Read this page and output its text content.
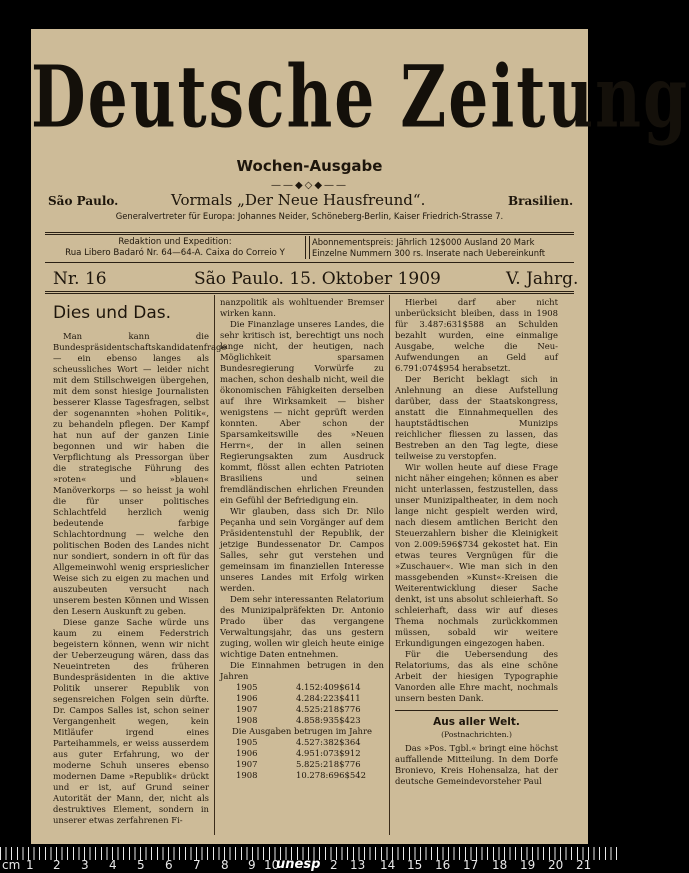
Deutsche Zeitung
Wochen-Ausgabe
——◆◇◆——
São Paulo.	Vormals „Der Neue Hausfreund“.	Brasilien.
Generalvertreter für Europa: Johannes Neider, Schöneberg-Berlin, Kaiser Friedrich-Strasse 7.
Redaktion und Expedition:
Rua Libero Badaró Nr. 64—64-A. Caixa do Correio Y
Abonnementspreis: Jährlich 12$000 Ausland 20 Mark
Einzelne Nummern 300 rs. Inserate nach Uebereinkunft
Nr. 16	São Paulo. 15. Oktober 1909	V. Jahrg.
Dies und Das.

Man kann die Bundespräsidentschaftskandidatenfrage — ein ebenso langes als scheussliches Wort — leider nicht mit dem Stillschweigen übergehen, mit dem sonst hiesige Journalisten besserer Klasse Tagesfragen, selbst der sogenannten »hohen Politik«, zu behandeln pflegen. Der Kampf hat nun auf der ganzen Linie begonnen und wir haben die Verpflichtung als Pressorgan über die strategische Führung des »roten« und »blauen« Manöverkorps — so heisst ja wohl die für unser politisches Schlachtfeld herzlich wenig bedeutende farbige Schlachtordnung — welche den politischen Boden des Landes nicht nur sondiert, sondern in oft für das Allgemeinwohl wenig ersprieslicher Weise sich zu eigen zu machen und auszubeuten versucht nach unserem besten Können und Wissen den Lesern Auskunft zu geben.

Diese ganze Sache würde uns kaum zu einem Federstrich begeistern können, wenn wir nicht der Ueberzeugung wären, dass das Neueintreten des früheren Bundespräsidenten in die aktive Politik unserer Republik von segensreichen Folgen sein dürfte. Dr. Campos Salles ist, schon seiner Vergangenheit wegen, kein Mitläufer irgend eines Parteihammels, er weiss ausserdem aus guter Erfahrung, wo der moderne Schuh unseres ebenso modernen Dame »Republik« drückt und er ist, auf Grund seiner Autorität der Mann, der, nicht als destruktives Element, sondern in unserer etwas zerfahrenen Fi-

nanzpolitik als wohltuender Bremser wirken kann.

Die Finanzlage unseres Landes, die sehr kritisch ist, berechtigt uns noch lange nicht, der heutigen, nach Möglichkeit sparsamen Bundesregierung Vorwürfe zu machen, schon deshalb nicht, weil die ökonomischen Fähigkeiten derselben auf ihre Wirksamkeit — bisher wenigstens — nicht geprüft werden konnten. Aber schon der Sparsamkeitswille des »Neuen Herrn«, der in allen seinen Regierungsakten zum Ausdruck kommt, flösst allen echten Patrioten Brasiliens und seinen fremdländischen ehrlichen Freunden ein Gefühl der Befriedigung ein.

Wir glauben, dass sich Dr. Nilo Peçanha und sein Vorgänger auf dem Präsidentenstuhl der Republik, der jetzige Bundessenator Dr. Campos Salles, sehr gut verstehen und gemeinsam im finanziellen Interesse unseres Landes mit Erfolg wirken werden.

Dem sehr interessanten Relatorium des Munizipalpräfekten Dr. Antonio Prado über das vergangene Verwaltungsjahr, das uns gestern zuging, wollen wir gleich heute einige wichtige Daten entnehmen.

Die Einnahmen betrugen in den Jahren

1905	4.152:409$614
1906	4.284:223$411
1907	4.525:218$776
1908	4.858:935$423
Die Ausgaben betrugen im Jahre
1905	4.527:382$364
1906	4.951:073$912
1907	5.825:218$776
1908	10.278:696$542

Hierbei darf aber nicht unberücksicht bleiben, dass in 1908 für 3.487:631$588 an Schulden bezahlt wurden, eine einmalige Ausgabe, welche die Neu-Aufwendungen an Geld auf 6.791:074$954 herabsetzt.

Der Bericht beklagt sich in Anlehnung an diese Aufstellung darüber, dass der Staatskongress, anstatt die Einnahmequellen des hauptstädtischen Munizips reichlicher fliessen zu lassen, das Bestreben an den Tag legte, diese teilweise zu verstopfen.

Wir wollen heute auf diese Frage nicht näher eingehen; können es aber nicht unterlassen, festzustellen, dass unser Munizipaltheater, in dem noch lange nicht gespielt werden wird, nach diesem amtlichen Bericht den Steuerzahlern bisher die Kleinigkeit von 2.009:596$734 gekostet hat. Ein etwas teures Vergnügen für die »Zuschauer«. Wie man sich in den massgebenden »Kunst«-Kreisen die Weiterentwicklung dieser Sache denkt, ist uns absolut schleierhaft. So schleierhaft, dass wir auf dieses Thema nochmals zurückkommen müssen, sobald wir weitere Erkundigungen eingezogen haben.

Für die Uebersendung des Relatoriums, das als eine schöne Arbeit der hiesigen Typographie Vanorden alle Ehre macht, nochmals unsern besten Dank.

Aus aller Welt.
(Postnachrichten.)

Das »Pos. Tgbl.« bringt eine höchst auffallende Mitteilung. In dem Dorfe Bronievo, Kreis Hohensalza, hat der deutsche Gemeindevorsteher Paul

cm 1 2 3 4 5 6 7 8 9 10
unesp 2 13 14 15 16 17 18 19 20 21
